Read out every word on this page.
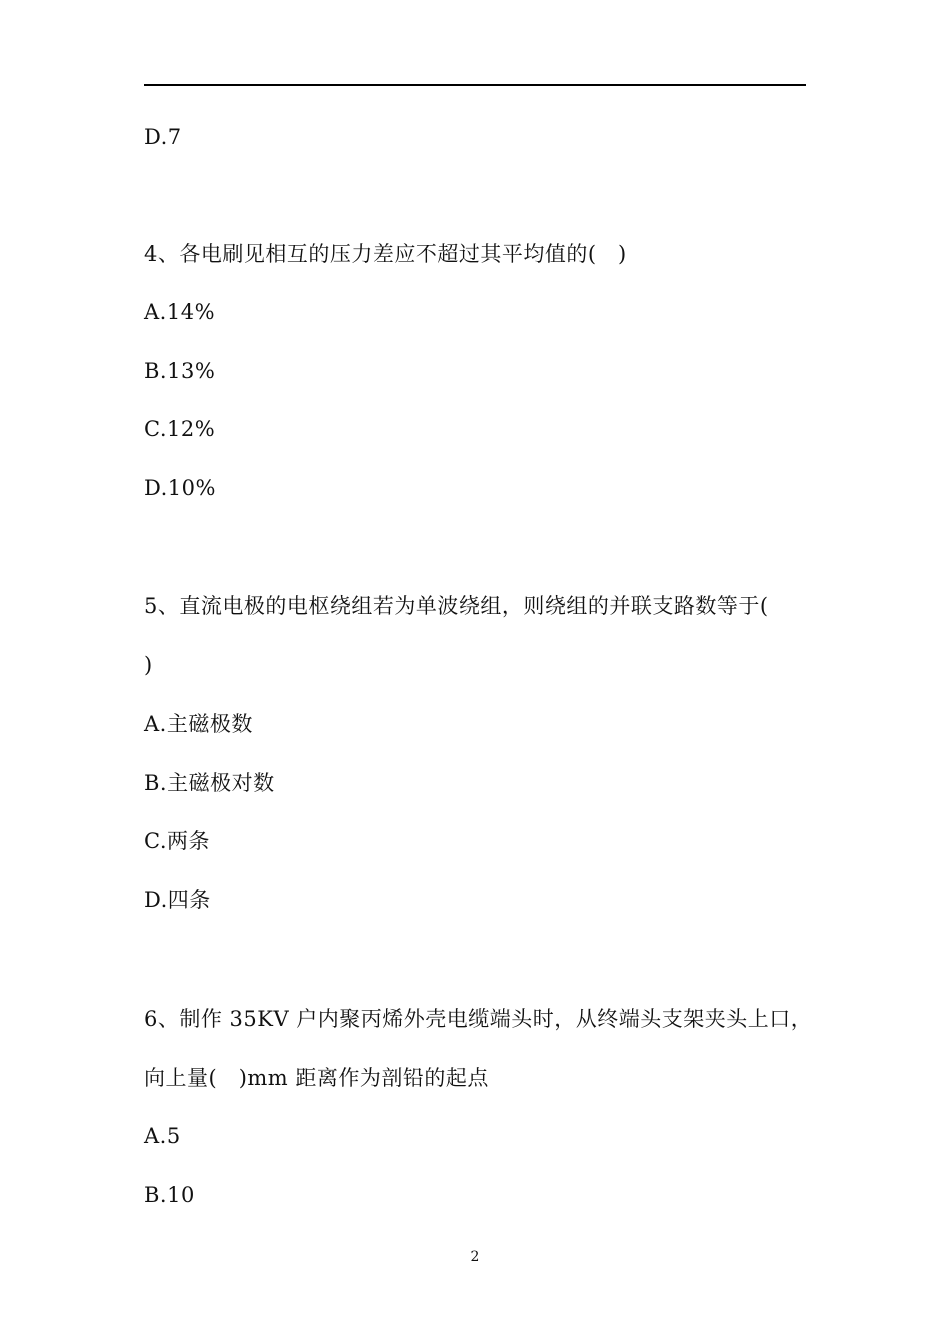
D.7
4、各电刷见相互的压力差应不超过其平均值的(　)
A.14%
B.13%
C.12%
D.10%
5、直流电极的电枢绕组若为单波绕组，则绕组的并联支路数等于(
)
A.主磁极数
B.主磁极对数
C.两条
D.四条
6、制作 35KV 户内聚丙烯外壳电缆端头时，从终端头支架夹头上口，
向上量(　)mm 距离作为剖铅的起点
A.5
B.10
2
